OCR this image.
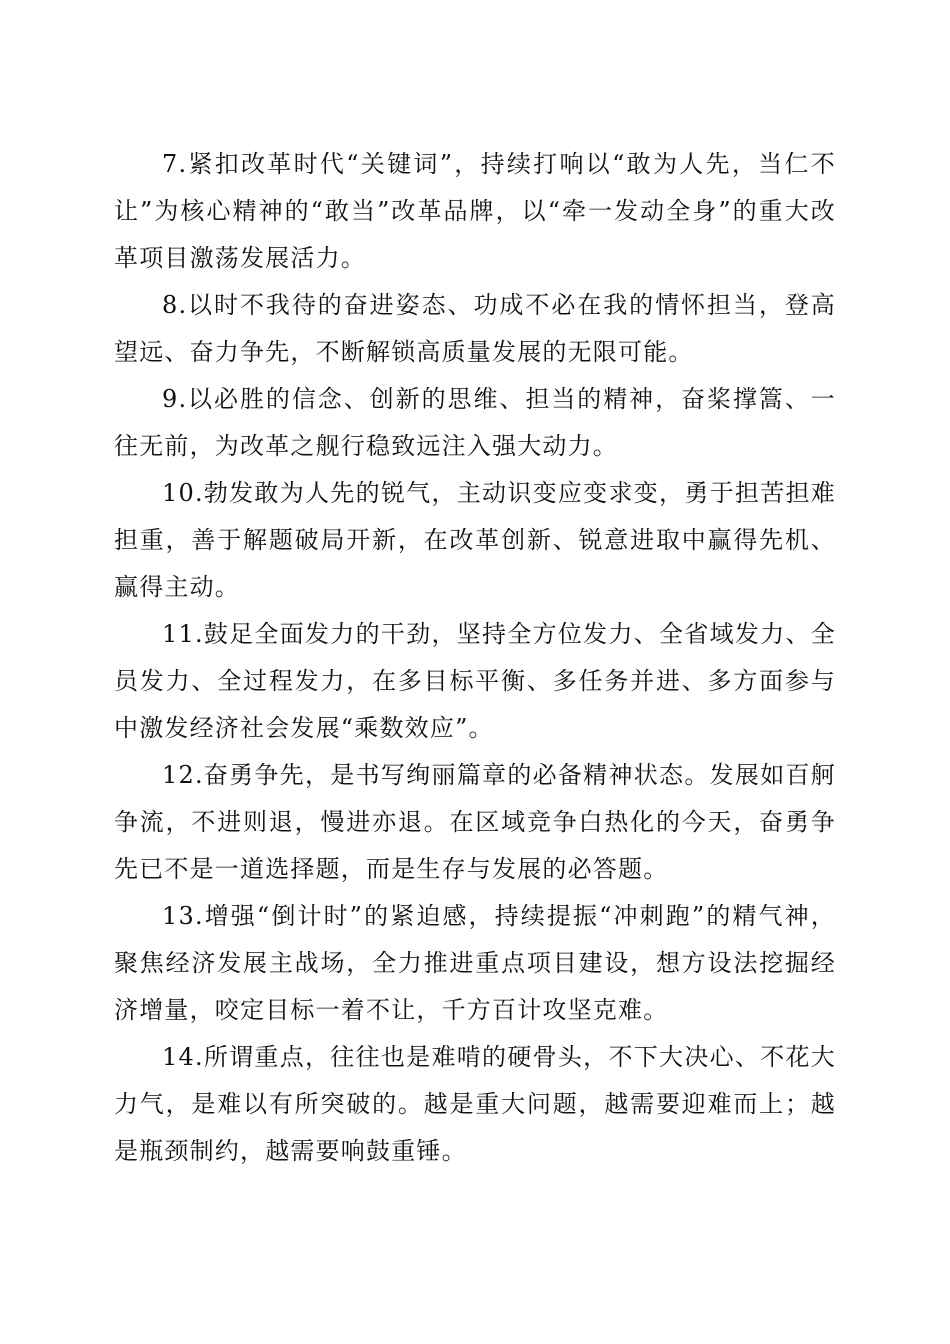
7.紧扣改革时代“关键词”，持续打响以“敢为人先，当仁不让”为核心精神的“敢当”改革品牌，以“牵一发动全身”的重大改革项目激荡发展活力。

8.以时不我待的奋进姿态、功成不必在我的情怀担当，登高望远、奋力争先，不断解锁高质量发展的无限可能。

9.以必胜的信念、创新的思维、担当的精神，奋桨撑篙、一往无前，为改革之舰行稳致远注入强大动力。

10.勃发敢为人先的锐气，主动识变应变求变，勇于担苦担难担重，善于解题破局开新，在改革创新、锐意进取中赢得先机、赢得主动。

11.鼓足全面发力的干劲，坚持全方位发力、全省域发力、全员发力、全过程发力，在多目标平衡、多任务并进、多方面参与中激发经济社会发展“乘数效应”。

12.奋勇争先，是书写绚丽篇章的必备精神状态。发展如百舸争流，不进则退，慢进亦退。在区域竞争白热化的今天，奋勇争先已不是一道选择题，而是生存与发展的必答题。

13.增强“倒计时”的紧迫感，持续提振“冲刺跑”的精气神，聚焦经济发展主战场，全力推进重点项目建设，想方设法挖掘经济增量，咬定目标一着不让，千方百计攻坚克难。

14.所谓重点，往往也是难啃的硬骨头，不下大决心、不花大力气，是难以有所突破的。越是重大问题，越需要迎难而上；越是瓶颈制约，越需要响鼓重锤。
